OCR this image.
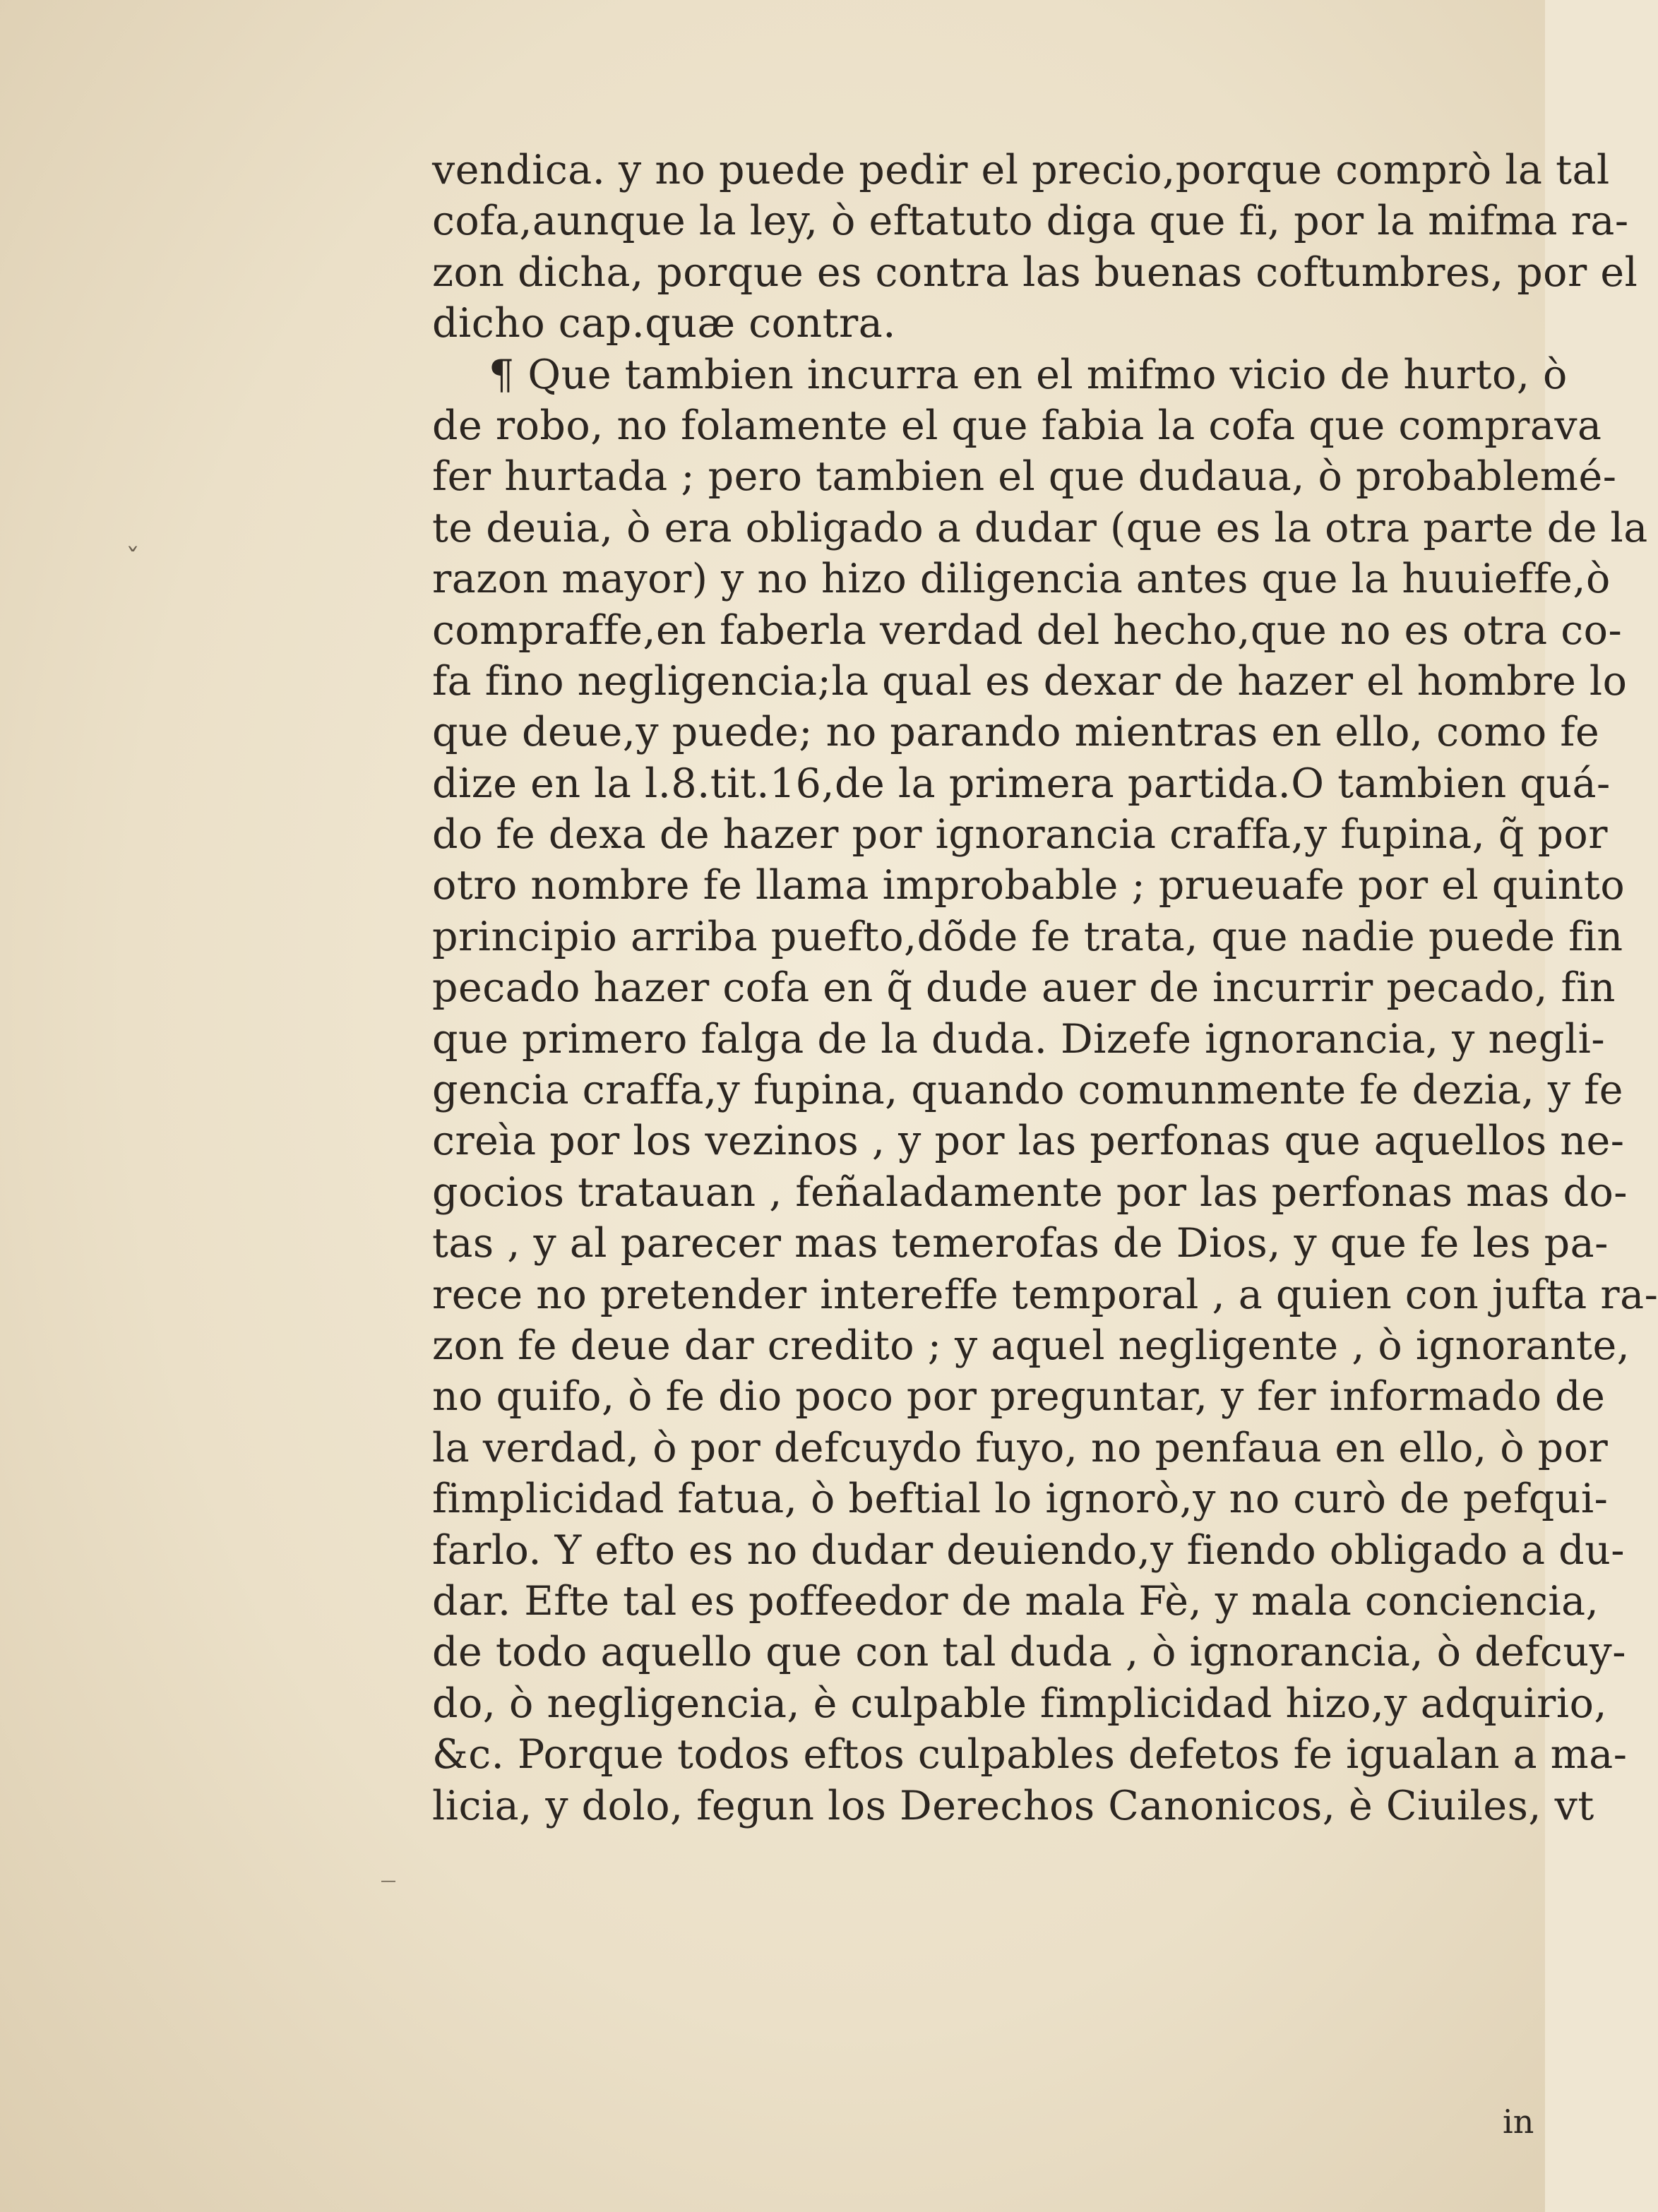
ˇ
_
vendica. y no puede pedir el precio,porque comprò la tal
cofa,aunque la ley, ò eftatuto diga que fi, por la mifma ra-
zon dicha, porque es contra las buenas coftumbres, por el
dicho cap.quæ contra.
¶ Que tambien incurra en el mifmo vicio de hurto, ò
de robo, no folamente el que fabia la cofa que comprava
fer hurtada ; pero tambien el que dudaua, ò probablemé-
te deuia, ò era obligado a dudar (que es la otra parte de la
razon mayor) y no hizo diligencia antes que la huuieffe,ò
compraffe,en faberla verdad del hecho,que no es otra co-
fa fino negligencia;la qual es dexar de hazer el hombre lo
que deue,y puede; no parando mientras en ello, como fe
dize en la l.8.tit.16,de la primera partida.O tambien quá-
do fe dexa de hazer por ignorancia craffa,y fupina, q̃ por
otro nombre fe llama improbable ; prueuafe por el quinto
principio arriba puefto,dõde fe trata, que nadie puede fin
pecado hazer cofa en q̃ dude auer de incurrir pecado, fin
que primero falga de la duda. Dizefe ignorancia, y negli-
gencia craffa,y fupina, quando comunmente fe dezia, y fe
creìa por los vezinos , y por las perfonas que aquellos ne-
gocios tratauan , feñaladamente por las perfonas mas do-
tas , y al parecer mas temerofas de Dios, y que fe les pa-
rece no pretender intereffe temporal , a quien con jufta ra-
zon fe deue dar credito ; y aquel negligente , ò ignorante,
no quifo, ò fe dio poco por preguntar, y fer informado de
la verdad, ò por defcuydo fuyo, no penfaua en ello, ò por
fimplicidad fatua, ò beftial lo ignorò,y no curò de pefqui-
farlo. Y efto es no dudar deuiendo,y fiendo obligado a du-
dar. Efte tal es poffeedor de mala Fè, y mala conciencia,
de todo aquello que con tal duda , ò ignorancia, ò defcuy-
do, ò negligencia, è culpable fimplicidad hizo,y adquirio,
&c. Porque todos eftos culpables defetos fe igualan a ma-
licia, y dolo, fegun los Derechos Canonicos, è Ciuiles, vt
in
